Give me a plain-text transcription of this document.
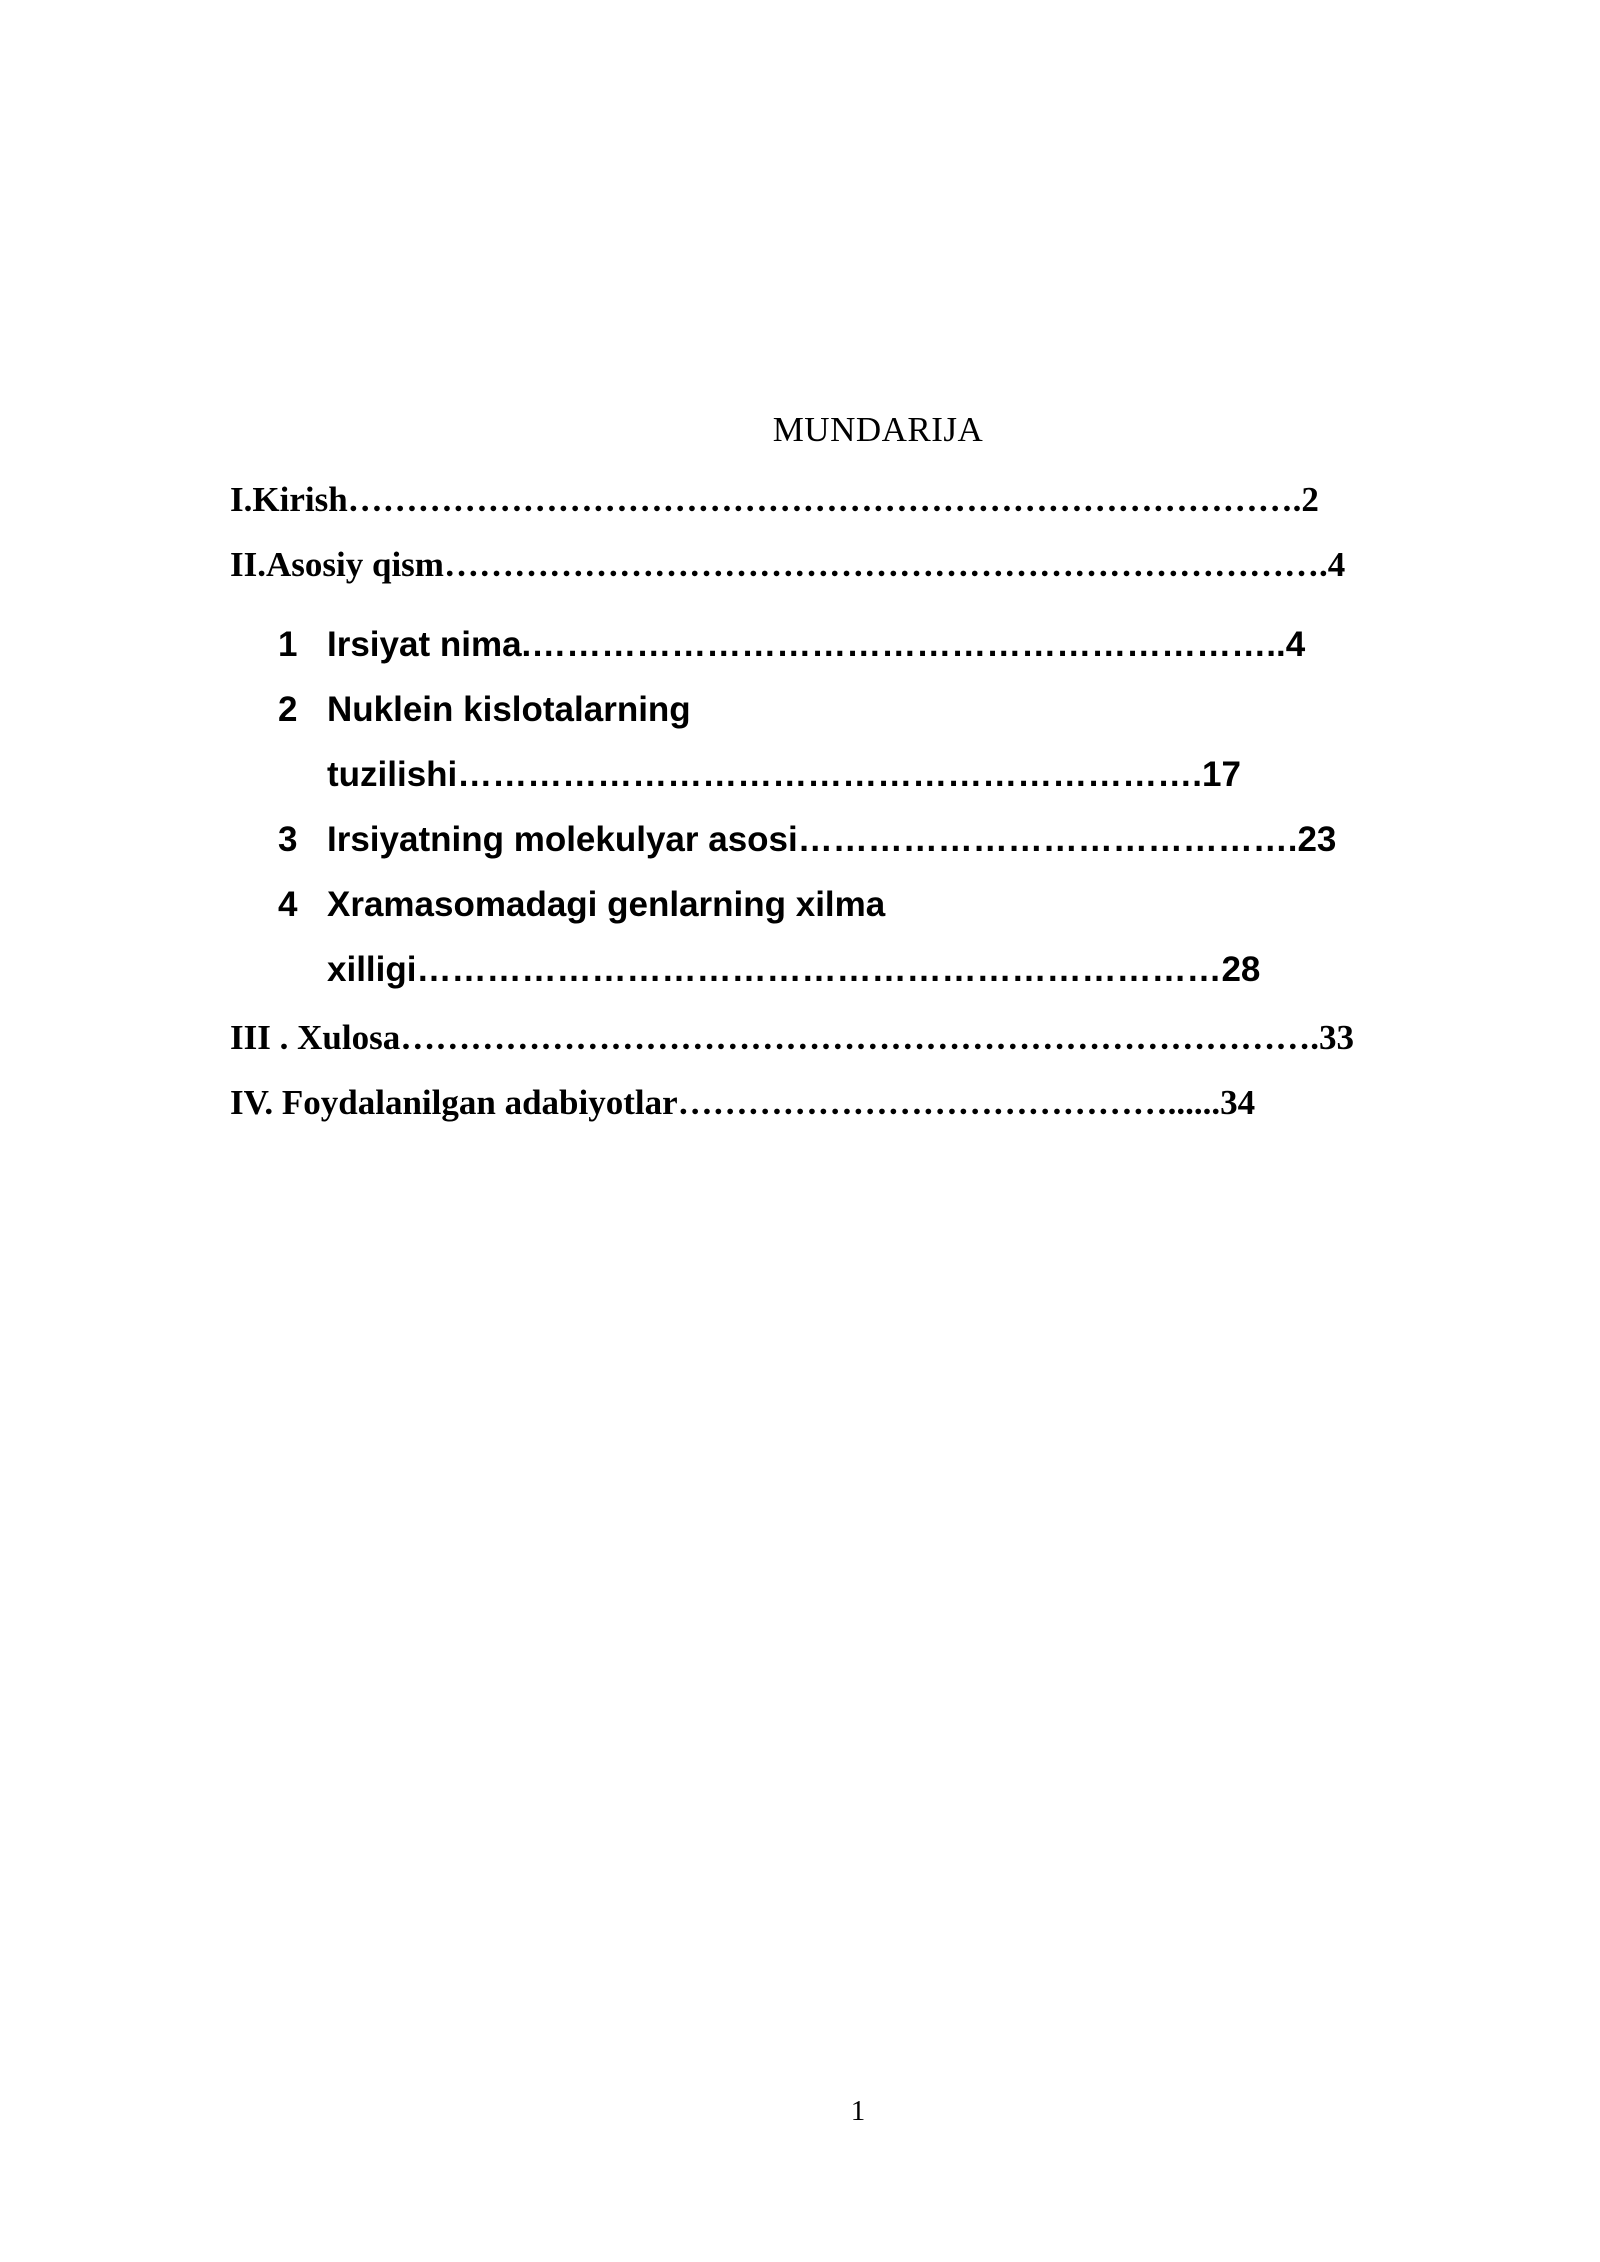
MUNDARIJA
I.Kirish……………………………………………………………………….2
II.Asosiy qism………………………………………………………………….4
1 Irsiyat nima.………………………………………………………..4
2 Nuklein kislotalarning
tuzilishi……………………………………………………….17
3 Irsiyatning molekulyar asosi…………………………………….23
4 Xramasomadagi genlarning xilma
xilligi……………………………………………………………28
III . Xulosa…………………………………………………………………….33
IV. Foydalanilgan adabiyotlar……………………………………......34
1
